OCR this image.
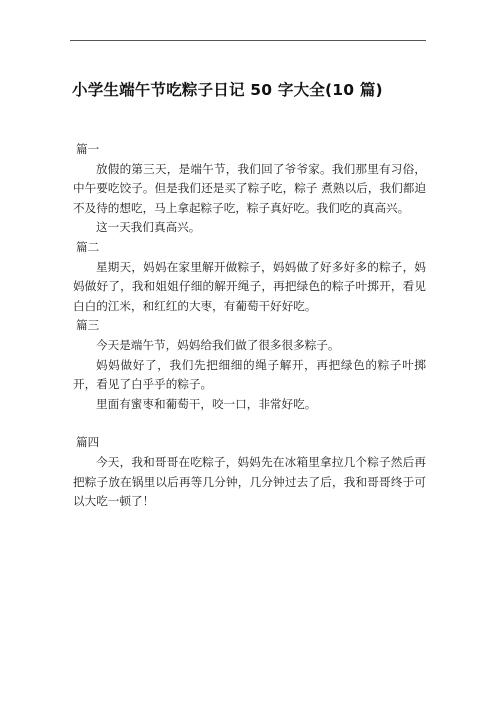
小学生端午节吃粽子日记 50 字大全(10 篇)

篇一

放假的第三天，是端午节，我们回了爷爷家。我们那里有习俗，中午要吃饺子。但是我们还是买了粽子吃，粽子 煮熟以后，我们都迫不及待的想吃，马上拿起粽子吃，粽子真好吃。我们吃的真高兴。

这一天我们真高兴。

篇二

星期天，妈妈在家里解开做粽子，妈妈做了好多好多的粽子，妈妈做好了，我和姐姐仔细的解开绳子，再把绿色的粽子叶掷开，看见白白的江米，和红红的大枣，有葡萄干好好吃。

篇三

今天是端午节，妈妈给我们做了很多很多粽子。

妈妈做好了，我们先把细细的绳子解开，再把绿色的粽子叶掷开，看见了白乎乎的粽子。

里面有蜜枣和葡萄干，咬一口，非常好吃。

篇四

今天，我和哥哥在吃粽子，妈妈先在冰箱里拿拉几个粽子然后再把粽子放在锅里以后再等几分钟，几分钟过去了后，我和哥哥终于可以大吃一顿了！
